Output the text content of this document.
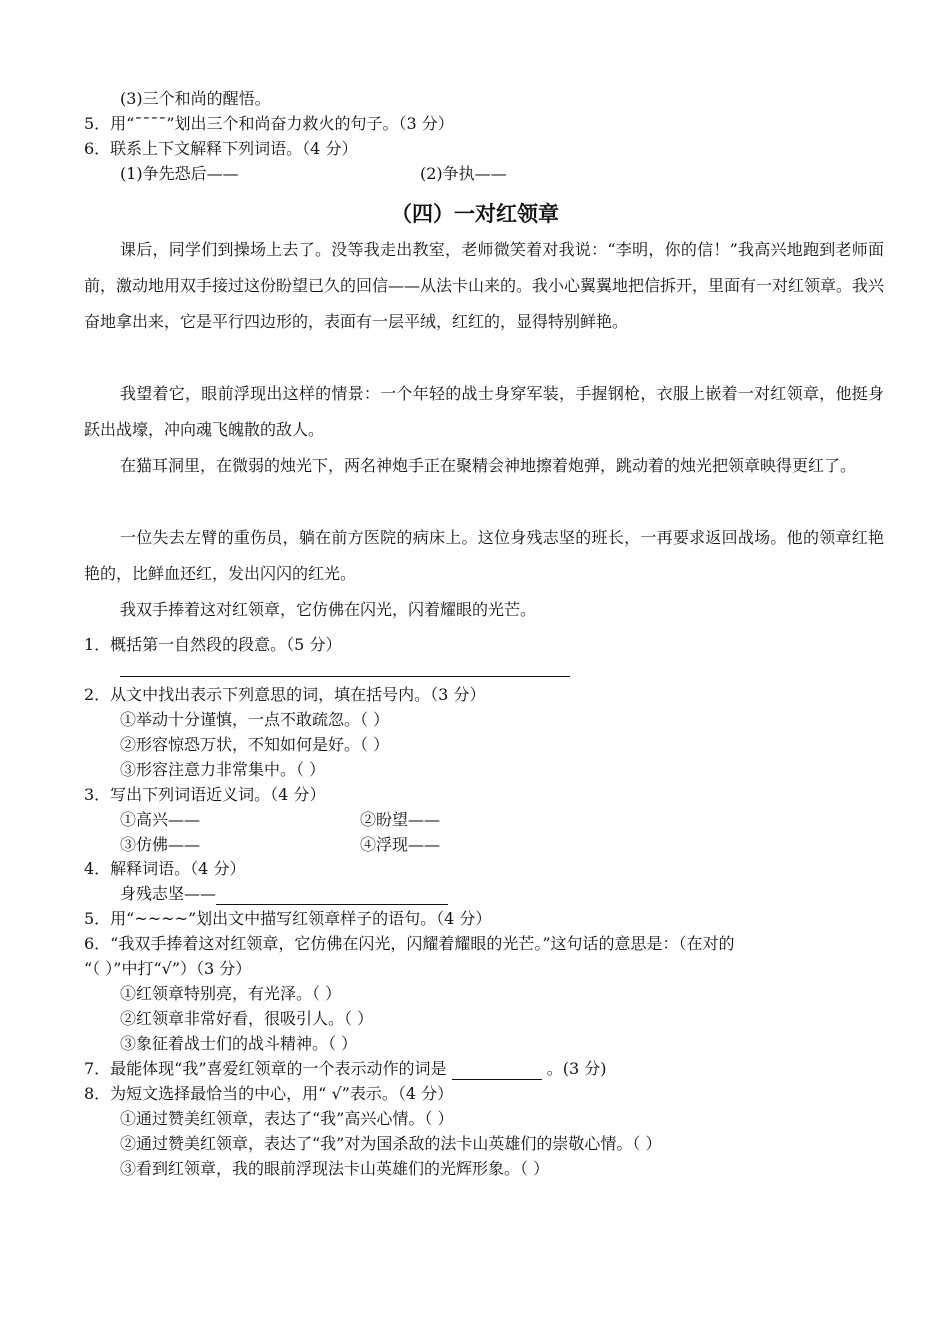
(3)三个和尚的醒悟。
5．用“ˉˉˉˉ”划出三个和尚奋力救火的句子。（3 分）
6．联系上下文解释下列词语。（4 分）
(1)争先恐后——	(2)争执——
（四）一对红领章
课后，同学们到操场上去了。没等我走出教室，老师微笑着对我说：“李明，你的信！”我高兴地跑到老师面前，激动地用双手接过这份盼望已久的回信——从法卡山来的。我小心翼翼地把信拆开，里面有一对红领章。我兴奋地拿出来，它是平行四边形的，表面有一层平绒，红红的，显得特别鲜艳。
我望着它，眼前浮现出这样的情景：一个年轻的战士身穿军装，手握钢枪，衣服上嵌着一对红领章，他挺身跃出战壕，冲向魂飞魄散的敌人。
在猫耳洞里，在微弱的烛光下，两名神炮手正在聚精会神地擦着炮弹，跳动着的烛光把领章映得更红了。
一位失去左臂的重伤员，躺在前方医院的病床上。这位身残志坚的班长，一再要求返回战场。他的领章红艳艳的，比鲜血还红，发出闪闪的红光。
我双手捧着这对红领章，它仿佛在闪光，闪着耀眼的光芒。
1．概括第一自然段的段意。（5 分）
2．从文中找出表示下列意思的词，填在括号内。（3 分）
①举动十分谨慎，一点不敢疏忽。（ ）
②形容惊恐万状，不知如何是好。（ ）
③形容注意力非常集中。（ ）
3．写出下列词语近义词。（4 分）
①高兴——	②盼望——
③仿佛——	④浮现——
4．解释词语。（4 分）
身残志坚——
5．用“~~~~”划出文中描写红领章样子的语句。（4 分）
6．“我双手捧着这对红领章，它仿佛在闪光，闪耀着耀眼的光芒。”这句话的意思是：（在对的
“（ ）”中打“√”）（3 分）
①红领章特别亮，有光泽。（ ）
②红领章非常好看，很吸引人。（ ）
③象征着战士们的战斗精神。（ ）
7．最能体现“我”喜爱红领章的一个表示动作的词是	。(3 分)
8．为短文选择最恰当的中心，用“ √”表示。（4 分）
①通过赞美红领章，表达了“我”高兴心情。（ ）
②通过赞美红领章，表达了“我”对为国杀敌的法卡山英雄们的崇敬心情。（ ）
③看到红领章，我的眼前浮现法卡山英雄们的光辉形象。（ ）
